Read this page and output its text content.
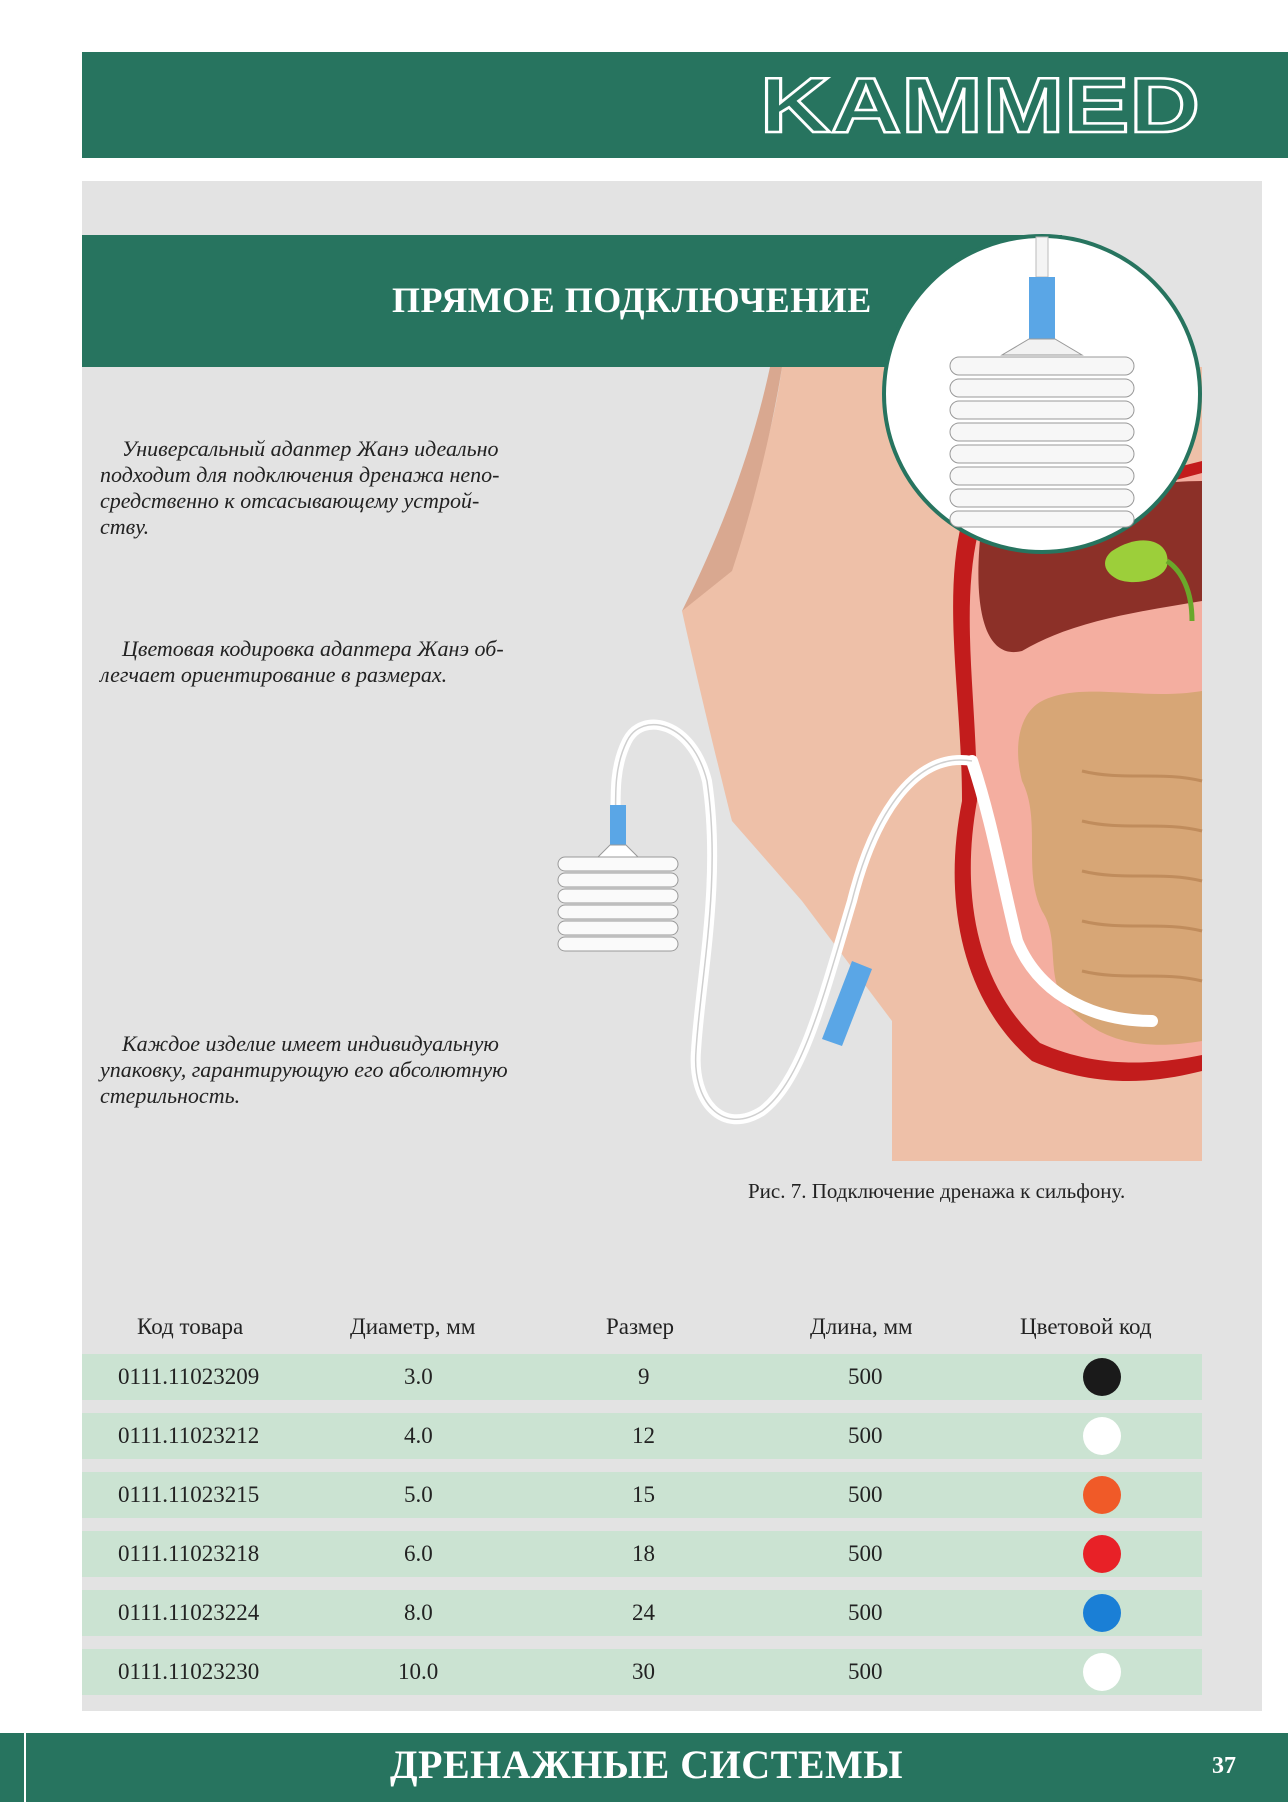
KAMMED
ПРЯМОЕ ПОДКЛЮЧЕНИЕ
Универсальный адаптер Жанэ идеально
подходит для подключения дренажа непо-
средственно к отсасывающему устрой-
ству.
Цветовая кодировка адаптера Жанэ об-
легчает ориентирование в размерах.
Каждое изделие имеет индивидуальную
упаковку, гарантирующую его абсолютную
стерильность.
Рис. 7. Подключение дренажа к сильфону.
Код товара	Диаметр, мм	Размер	Длина, мм	Цветовой код
0111.11023209	3.0	9	500
0111.11023212	4.0	12	500
0111.11023215	5.0	15	500
0111.11023218	6.0	18	500
0111.11023224	8.0	24	500
0111.11023230	10.0	30	500
ДРЕНАЖНЫЕ СИСТЕМЫ	37
